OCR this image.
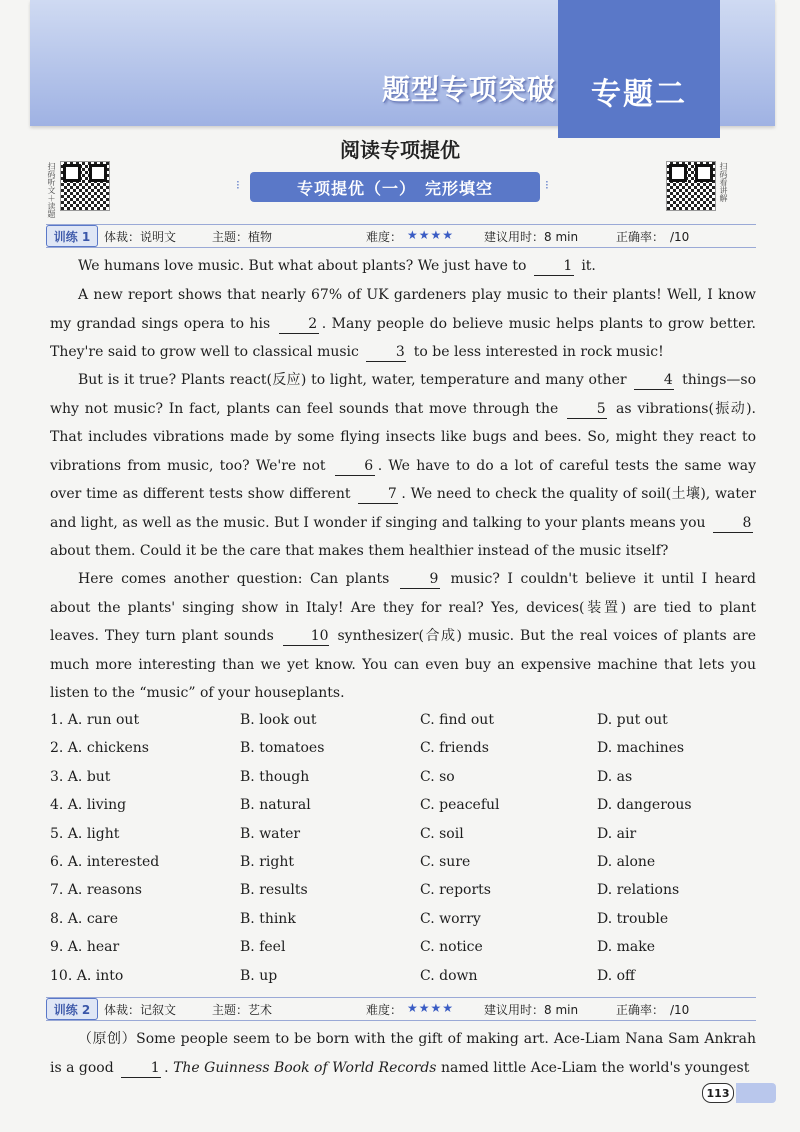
题型专项突破	专题二
阅读专项提优
扫码听文＋读题	扫码看讲解
⁝	专项提优（一）　完形填空	⁝
训练 1	体裁：说明文	主题：植物	难度： ★★★★ 建议用时：8 min	正确率：　/10
We humans love music. But what about plants? We just have to	1 it.
A new report shows that nearly 67% of UK gardeners play music to their plants! Well, I know my grandad sings opera to his	2 . Many people do believe music helps plants to grow better. They're said to grow well to classical music	3 to be less interested in rock music!
But is it true? Plants react(反应) to light, water, temperature and many other	4 things—so why not music? In fact, plants can feel sounds that move through the	5 as vibrations(振动). That includes vibrations made by some flying insects like bugs and bees. So, might they react to vibrations from music, too? We're not	6 . We have to do a lot of careful tests the same way over time as different tests show different	7 . We need to check the quality of soil(土壤), water and light, as well as the music. But I wonder if singing and talking to your plants means you	8 about them. Could it be the care that makes them healthier instead of the music itself?
Here comes another question: Can plants	9 music? I couldn't believe it until I heard about the plants' singing show in Italy! Are they for real? Yes, devices(装置) are tied to plant leaves. They turn plant sounds	10 synthesizer(合成) music. But the real voices of plants are much more interesting than we yet know. You can even buy an expensive machine that lets you listen to the “music” of your houseplants.
1. A. run out	B. look out	C. find out	D. put out
2. A. chickens	B. tomatoes	C. friends	D. machines
3. A. but	B. though	C. so	D. as
4. A. living	B. natural	C. peaceful	D. dangerous
5. A. light	B. water	C. soil	D. air
6. A. interested	B. right	C. sure	D. alone
7. A. reasons	B. results	C. reports	D. relations
8. A. care	B. think	C. worry	D. trouble
9. A. hear	B. feel	C. notice	D. make
10. A. into	B. up	C. down	D. off
训练 2	体裁：记叙文	主题：艺术	难度： ★★★★ 建议用时：8 min	正确率：　/10
（原创）Some people seem to be born with the gift of making art. Ace-Liam Nana Sam Ankrah is a good	1 . The Guinness Book of World Records named little Ace-Liam the world's youngest
113
